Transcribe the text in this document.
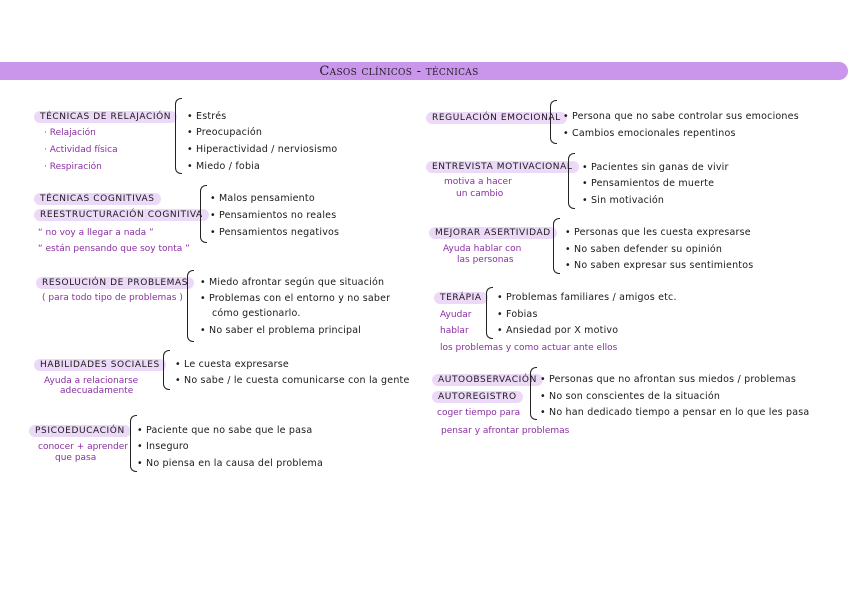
Casos clínicos - técnicas
TÉCNICAS DE RELAJACIÓN
· Relajación
· Actividad física
· Respiración
• Estrés
• Preocupación
• Hiperactividad / nerviosismo
• Miedo / fobia
TÉCNICAS COGNITIVAS
REESTRUCTURACIÓN COGNITIVA
“ no voy a llegar a nada ”
“ están pensando que soy tonta ”
• Malos pensamiento
• Pensamientos no reales
• Pensamientos negativos
RESOLUCIÓN DE PROBLEMAS
( para todo tipo de problemas )
• Miedo afrontar según que situación
• Problemas con el entorno y no saber
cómo gestionarlo.
• No saber el problema principal
HABILIDADES SOCIALES
Ayuda a relacionarse
adecuadamente
• Le cuesta expresarse
• No sabe / le cuesta comunicarse con la gente
PSICOEDUCACIÓN
conocer + aprender
que pasa
• Paciente que no sabe que le pasa
• Inseguro
• No piensa en la causa del problema
REGULACIÓN EMOCIONAL • Persona que no sabe controlar sus emociones
• Cambios emocionales repentinos
ENTREVISTA MOTIVACIONAL
motiva a hacer
un cambio
• Pacientes sin ganas de vivir
• Pensamientos de muerte
• Sin motivación
MEJORAR ASERTIVIDAD
Ayuda hablar con
las personas
• Personas que les cuesta expresarse
• No saben defender su opinión
• No saben expresar sus sentimientos
TERÁPIA
Ayudar
hablar
los problemas y como actuar ante ellos
• Problemas familiares / amigos etc.
• Fobias
• Ansiedad por X motivo
AUTOOBSERVACIÓN
AUTOREGISTRO
coger tiempo para
pensar y afrontar problemas
• Personas que no afrontan sus miedos / problemas
• No son conscientes de la situación
• No han dedicado tiempo a pensar en lo que les pasa
